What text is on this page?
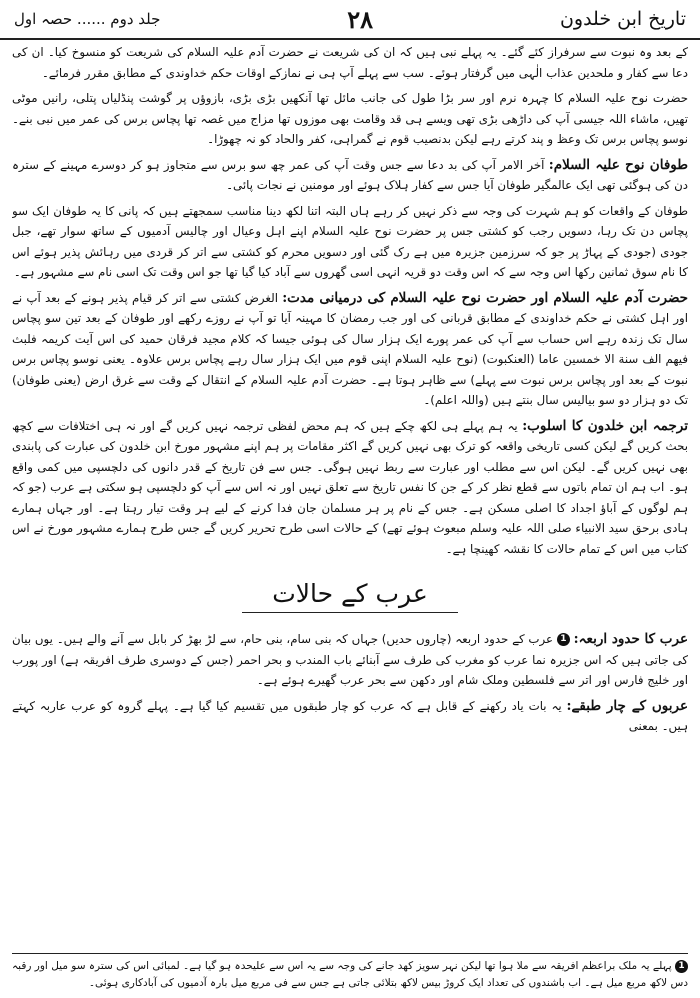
تاریخ ابن خلدون
۲۸
جلد دوم ...... حصہ اول

کے بعد وہ نبوت سے سرفراز کئے گئے۔ یہ پہلے نبی ہیں کہ ان کی شریعت نے حضرت آدم علیہ السلام کی شریعت کو منسوخ کیا۔ ان کی دعا سے کفار و ملحدین عذاب الٰہی میں گرفتار ہوئے۔ سب سے پہلے آپ ہی نے نمازکے اوقات حکم خداوندی کے مطابق مقرر فرمائے۔

حضرت نوح علیہ السلام کا چہرہ نرم اور سر بڑا طول کی جانب مائل تھا آنکھیں بڑی بڑی، بازوؤں پر گوشت پنڈلیاں پتلی، رانیں موٹی تھیں، ماشاء اللہ جیسی آپ کی داڑھی بڑی تھی ویسے ہی قد وقامت بھی موزوں تھا مزاج میں غصہ تھا پچاس برس کی عمر میں نبی بنے۔ نوسو پچاس برس تک وعظ و پند کرتے رہے لیکن بدنصیب قوم نے گمراہی، کفر والحاد کو نہ چھوڑا۔

طوفان نوح علیہ السلام: آخر الامر آپ کی بد دعا سے جس وقت آپ کی عمر چھ سو برس سے متجاوز ہو کر دوسرے مہینے کے سترہ دن کی ہوگئی تھی ایک عالمگیر طوفان آیا جس سے کفار ہلاک ہوئے اور مومنین نے نجات پائی۔

طوفان کے واقعات کو ہم شہرت کی وجہ سے ذکر نہیں کر رہے ہاں البتہ اتنا لکھ دینا مناسب سمجھتے ہیں کہ پانی کا یہ طوفان ایک سو پچاس دن تک رہا، دسویں رجب کو کشتی جس پر حضرت نوح علیہ السلام اپنے اہل وعیال اور چالیس آدمیوں کے ساتھ سوار تھے، جبل جودی (جودی کے پہاڑ پر جو کہ سرزمین جزیرہ میں ہے رک گئی اور دسویں محرم کو کشتی سے اتر کر قردی میں رہائش پذیر ہوئے اس کا نام سوق ثمانین رکھا اس وجہ سے کہ اس وقت دو قریہ انہی اسی گھروں سے آباد کیا گیا تھا جو اس وقت تک اسی نام سے مشہور ہے۔

حضرت آدم علیہ السلام اور حضرت نوح علیہ السلام کی درمیانی مدت: الغرض کشتی سے اتر کر قیام پذیر ہونے کے بعد آپ نے اور اہل کشتی نے حکم خداوندی کے مطابق قربانی کی اور جب رمضان کا مہینہ آیا تو آپ نے روزے رکھے اور طوفان کے بعد تین سو پچاس سال تک زندہ رہے اس حساب سے آپ کی عمر پورے ایک ہزار سال کی ہوئی جیسا کہ کلام مجید فرقان حمید کی اس آیت کریمہ فلبث فیھم الف سنة الا خمسین عاما (العنکبوت) (نوح علیہ السلام اپنی قوم میں ایک ہزار سال رہے پچاس برس علاوہ۔ یعنی نوسو پچاس برس نبوت کے بعد اور پچاس برس نبوت سے پہلے) سے ظاہر ہوتا ہے۔ حضرت آدم علیہ السلام کے انتقال کے وقت سے غرق ارض (یعنی طوفان) تک دو ہزار دو سو بیالیس سال بنتے ہیں (واللہ اعلم)۔

ترجمہ ابن خلدون کا اسلوب: یہ ہم پہلے ہی لکھ چکے ہیں کہ ہم محض لفظی ترجمہ نہیں کریں گے اور نہ ہی اختلافات سے کچھ بحث کریں گے لیکن کسی تاریخی واقعہ کو ترک بھی نہیں کریں گے اکثر مقامات پر ہم اپنے مشہور مورخ ابن خلدون کی عبارت کی پابندی بھی نہیں کریں گے۔ لیکن اس سے مطلب اور عبارت سے ربط نہیں ہوگی۔ جس سے فن تاریخ کے قدر دانوں کی دلچسپی میں کمی واقع ہو۔ اب ہم ان تمام باتوں سے قطع نظر کر کے جن کا نفس تاریخ سے تعلق نہیں اور نہ اس سے آپ کو دلچسپی ہو سکتی ہے عرب (جو کہ ہم لوگوں کے آباؤ اجداد کا اصلی مسکن ہے۔ جس کے نام پر ہر مسلمان جان فدا کرنے کے لیے ہر وقت تیار رہتا ہے۔ اور جہاں ہمارے ہادی برحق سید الانبیاء صلی اللہ علیہ وسلم مبعوث ہوئے تھے) کے حالات اسی طرح تحریر کریں گے جس طرح ہمارے مشہور مورخ نے اس کتاب میں اس کے تمام حالات کا نقشہ کھینچا ہے۔

عرب کے حالات

عرب کا حدود اربعہ: 1 عرب کے حدود اربعہ (چاروں حدیں) جہاں کہ بنی سام، بنی حام، سے لڑ بھڑ کر بابل سے آنے والے ہیں۔ یوں بیان کی جاتی ہیں کہ اس جزیرہ نما عرب کو مغرب کی طرف سے آبنائے باب المندب و بحر احمر (جس کے دوسری طرف افریقہ ہے) اور پورب اور خلیج فارس اور اتر سے فلسطین وملک شام اور دکھن سے بحر عرب گھیرے ہوئے ہے۔

عربوں کے چار طبقے: یہ بات یاد رکھنے کے قابل ہے کہ عرب کو چار طبقوں میں تقسیم کیا گیا ہے۔ پہلے گروہ کو عرب عاربہ کہتے ہیں۔ بمعنی

1 پہلے یہ ملک براعظم افریقہ سے ملا ہوا تھا لیکن نہر سویز کھد جانے کی وجہ سے یہ اس سے علیحدہ ہو گیا ہے۔ لمبائی اس کی سترہ سو میل اور رقبہ دس لاکھ مربع میل ہے۔ اب باشندوں کی تعداد ایک کروڑ بیس لاکھ بتلائی جاتی ہے جس سے فی مربع میل بارہ آدمیوں کی آبادکاری ہوئی۔
